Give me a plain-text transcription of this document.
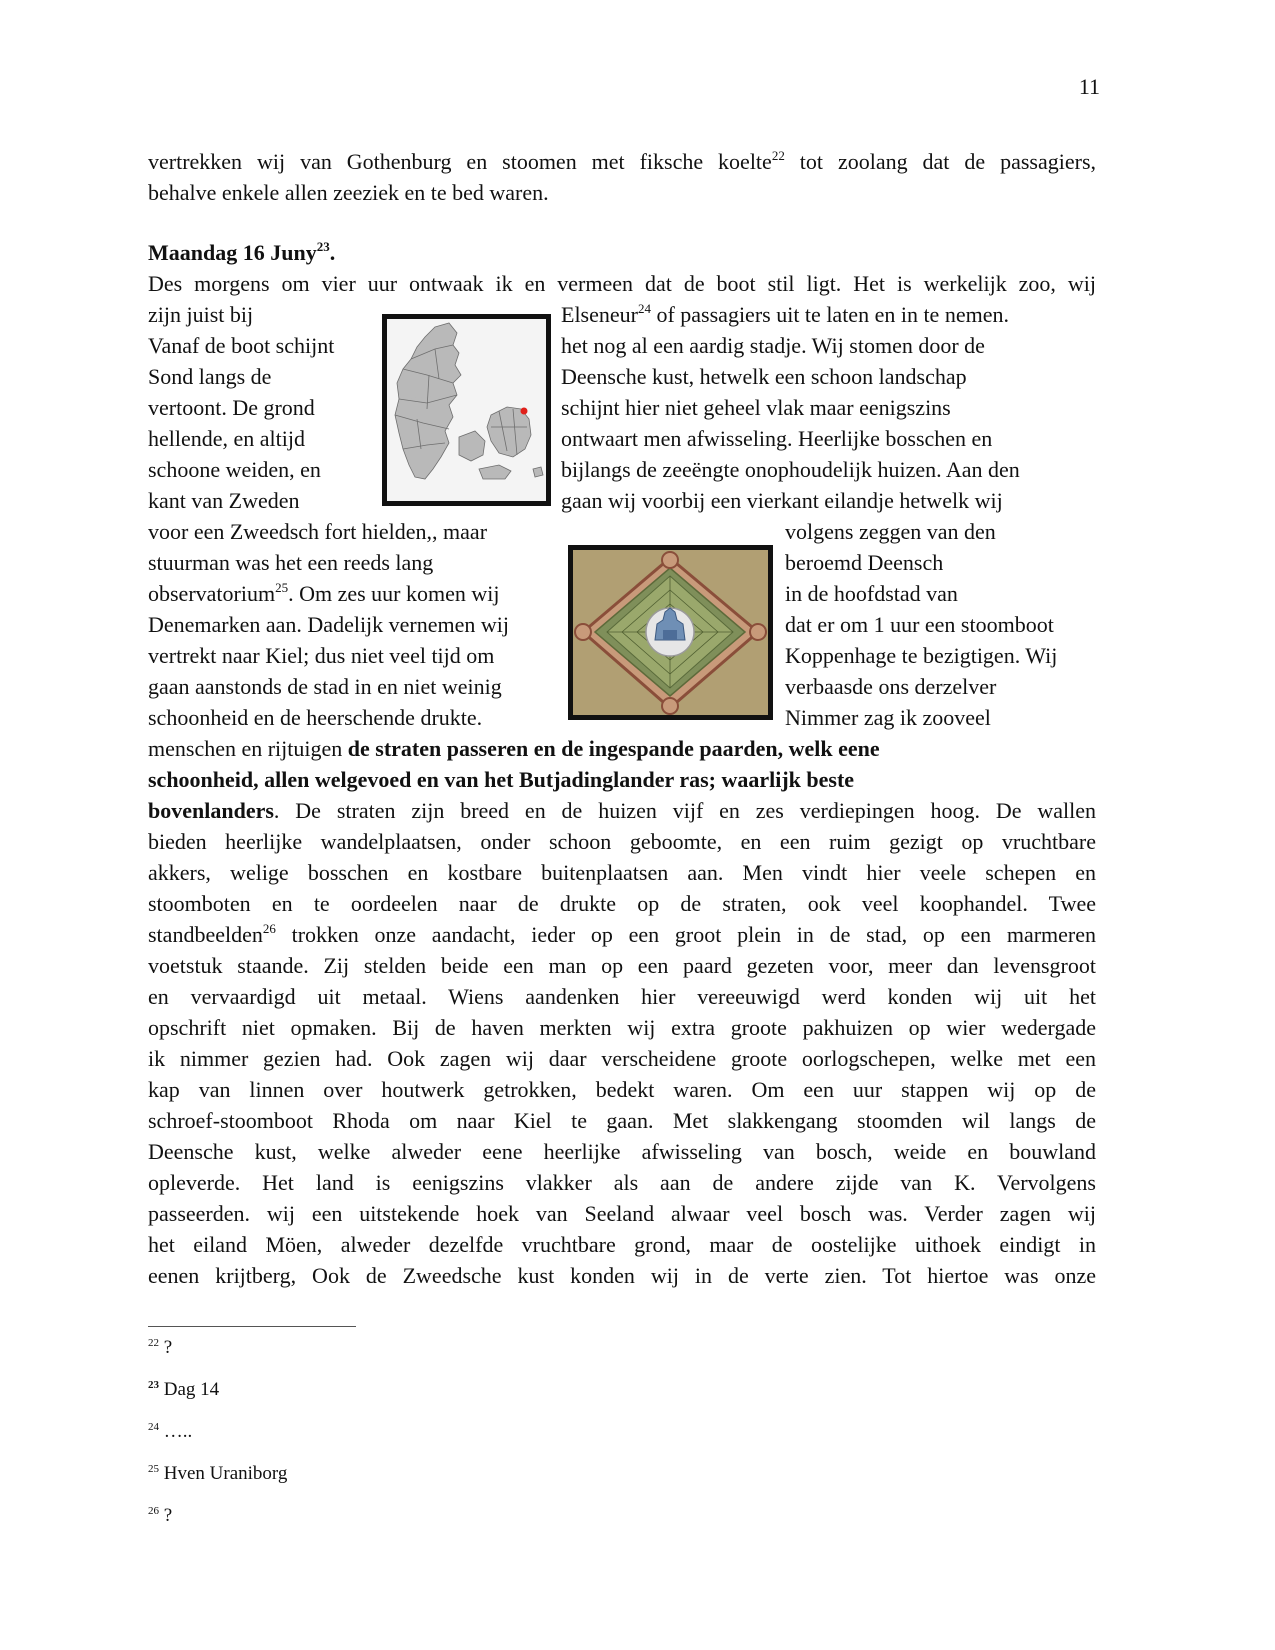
11
vertrekken wij van Gothenburg en stoomen met fiksche koelte$^{22}$ tot zoolang dat de passagiers,
behalve enkele allen zeeziek en te bed waren.
Maandag 16 Juny$^{23}$.
Des morgens om vier uur ontwaak ik en vermeen dat de boot stil ligt. Het is werkelijk zoo, wij
zijn juist bij
Vanaf de boot schijnt
Sond langs de
vertoont. De grond
hellende, en altijd
schoone weiden, en
kant van Zweden
Elseneur$^{24}$ of passagiers uit te laten en in te nemen.
het nog al een aardig stadje. Wij stomen door de
Deensche kust, hetwelk een schoon landschap
schijnt hier niet geheel vlak maar eenigszins
ontwaart men afwisseling. Heerlijke bosschen en
bijlangs de zeeëngte onophoudelijk huizen. Aan den
gaan wij voorbij een vierkant eilandje hetwelk wij
voor een Zweedsch fort hielden,, maar
stuurman was het een reeds lang
observatorium$^{25}$. Om zes uur komen wij
Denemarken aan. Dadelijk vernemen wij
vertrekt naar Kiel; dus niet veel tijd om
gaan aanstonds de stad in en niet weinig
schoonheid en de heerschende drukte.
volgens zeggen van den
beroemd Deensch
in de hoofdstad van
dat er om 1 uur een stoomboot
Koppenhage te bezigtigen. Wij
verbaasde ons derzelver
Nimmer zag ik zooveel
menschen en rijtuigen de straten passeren en de ingespande paarden, welk eene
schoonheid, allen welgevoed en van het Butjadinglander ras; waarlijk beste
bovenlanders. De straten zijn breed en de huizen vijf en zes verdiepingen hoog. De wallen
bieden heerlijke wandelplaatsen, onder schoon geboomte, en een ruim gezigt op vruchtbare
akkers, welige bosschen en kostbare buitenplaatsen aan. Men vindt hier veele schepen en
stoomboten en te oordeelen naar de drukte op de straten, ook veel koophandel. Twee
standbeelden$^{26}$ trokken onze aandacht, ieder op een groot plein in de stad, op een marmeren
voetstuk staande. Zij stelden beide een man op een paard gezeten voor, meer dan levensgroot
en vervaardigd uit metaal. Wiens aandenken hier vereeuwigd werd konden wij uit het
opschrift niet opmaken. Bij de haven merkten wij extra groote pakhuizen op wier wedergade
ik nimmer gezien had. Ook zagen wij daar verscheidene groote oorlogschepen, welke met een
kap van linnen over houtwerk getrokken, bedekt waren. Om een uur stappen wij op de
schroef-stoomboot Rhoda om naar Kiel te gaan. Met slakkengang stoomden wil langs de
Deensche kust, welke alweder eene heerlijke afwisseling van bosch, weide en bouwland
opleverde. Het land is eenigszins vlakker als aan de andere zijde van K. Vervolgens
passeerden. wij een uitstekende hoek van Seeland alwaar veel bosch was. Verder zagen wij
het eiland Möen, alweder dezelfde vruchtbare grond, maar de oostelijke uithoek eindigt in
eenen krijtberg, Ook de Zweedsche kust konden wij in de verte zien. Tot hiertoe was onze
$^{22}$ ?
$^{23}$ Dag 14
$^{24}$ …..
$^{25}$ Hven Uraniborg
$^{26}$ ?
